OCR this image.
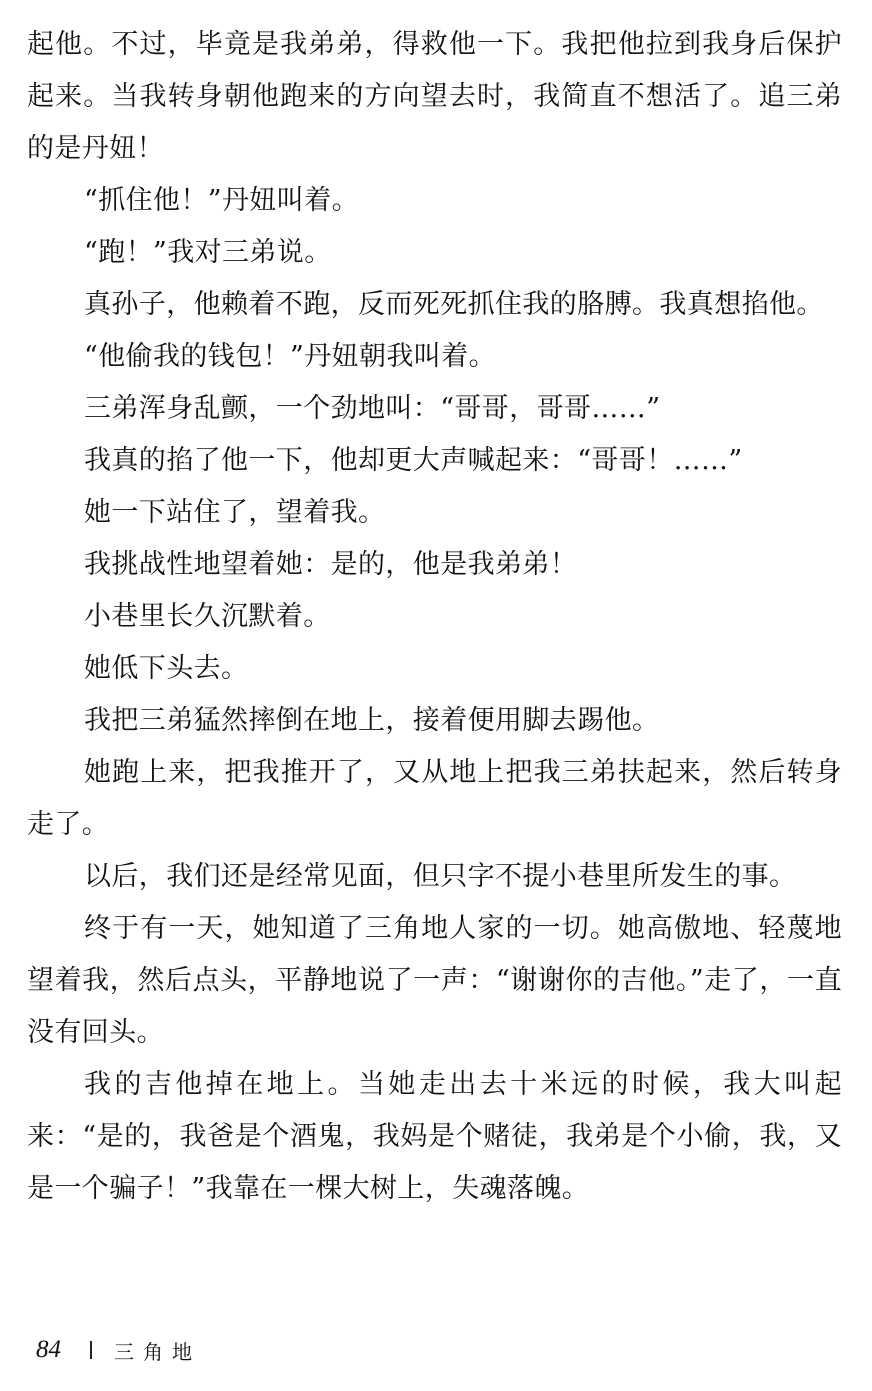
起他。不过，毕竟是我弟弟，得救他一下。我把他拉到我身后保护起来。当我转身朝他跑来的方向望去时，我简直不想活了。追三弟的是丹妞！

“抓住他！”丹妞叫着。

“跑！”我对三弟说。

真孙子，他赖着不跑，反而死死抓住我的胳膊。我真想掐他。

“他偷我的钱包！”丹妞朝我叫着。

三弟浑身乱颤，一个劲地叫：“哥哥，哥哥……”

我真的掐了他一下，他却更大声喊起来：“哥哥！……”

她一下站住了，望着我。

我挑战性地望着她：是的，他是我弟弟！

小巷里长久沉默着。

她低下头去。

我把三弟猛然摔倒在地上，接着便用脚去踢他。

她跑上来，把我推开了，又从地上把我三弟扶起来，然后转身走了。

以后，我们还是经常见面，但只字不提小巷里所发生的事。

终于有一天，她知道了三角地人家的一切。她高傲地、轻蔑地望着我，然后点头，平静地说了一声：“谢谢你的吉他。”走了，一直没有回头。

我的吉他掉在地上。当她走出去十米远的时候，我大叫起来：“是的，我爸是个酒鬼，我妈是个赌徒，我弟是个小偷，我，又是一个骗子！”我靠在一棵大树上，失魂落魄。

84	三角地
